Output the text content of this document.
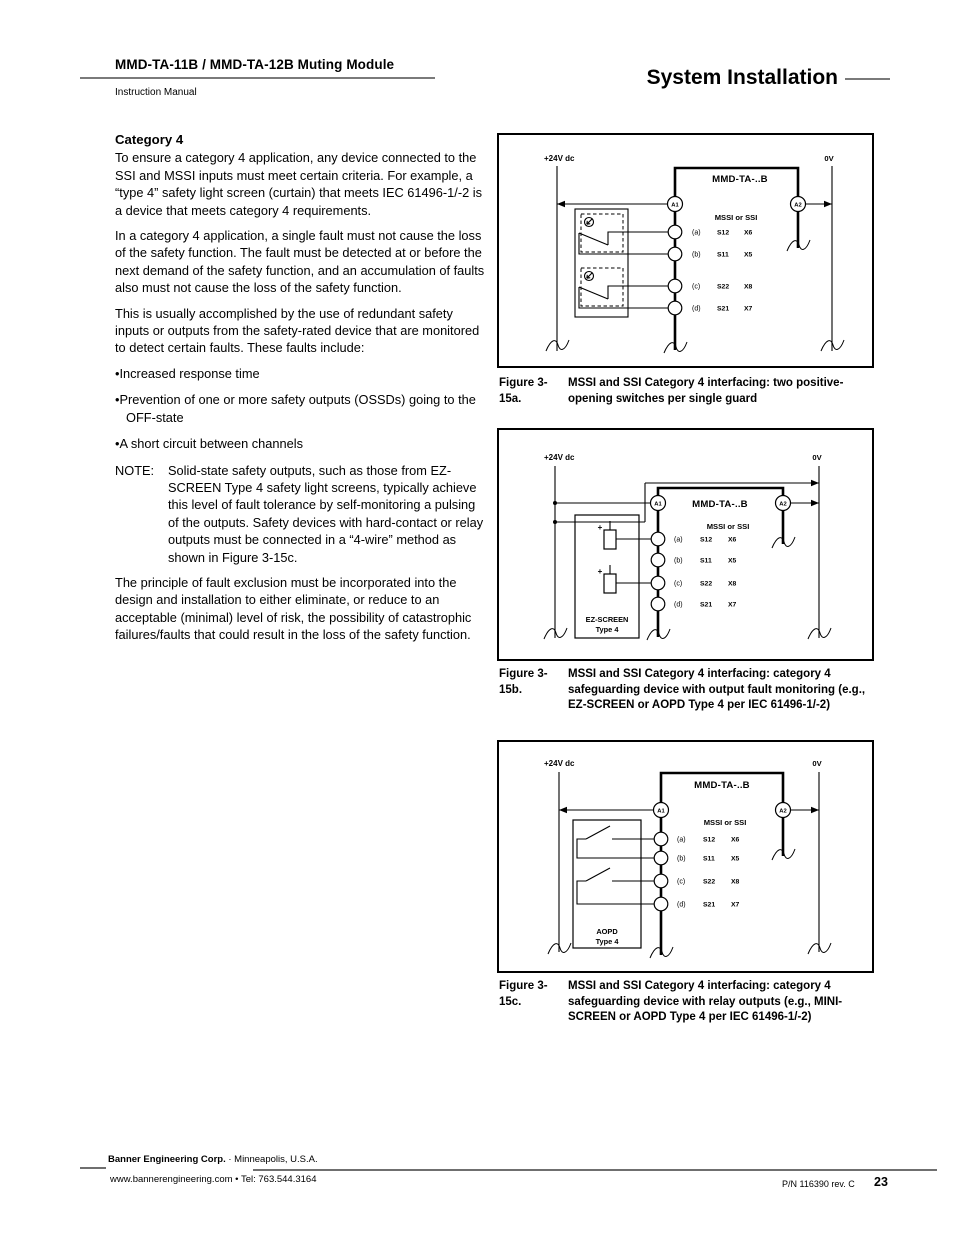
MMD-TA-11B / MMD-TA-12B Muting Module
Instruction Manual
System Installation
Category 4

To ensure a category 4 application, any device connected to the SSI and MSSI inputs must meet certain criteria. For example, a “type 4” safety light screen (curtain) that meets IEC 61496-1/-2 is a device that meets category 4 requirements.

In a category 4 application, a single fault must not cause the loss of the safety function. The fault must be detected at or before the next demand of the safety function, and an accumulation of faults also must not cause the loss of the safety function.

This is usually accomplished by the use of redundant safety inputs or outputs from the safety-rated device that are monitored to detect certain faults. These faults include:

• Increased response time
• Prevention of one or more safety outputs (OSSDs) going to the OFF-state
• A short circuit between channels
NOTE:	Solid-state safety outputs, such as those from EZ-SCREEN Type 4 safety light screens, typically achieve this level of fault tolerance by self-monitoring a pulsing of the outputs. Safety devices with hard-contact or relay outputs must be connected in a “4-wire” method as shown in Figure 3-15c.

The principle of fault exclusion must be incorporated into the design and installation to either eliminate, or reduce to an acceptable (minimal) level of risk, the possibility of catastrophic failures/faults that could result in the loss of the safety function.

+24V dc	0V
MMD-TA-..B
A1	A2
MSSI or SSI
(a) S12 X6
(b) S11 X5
(c) S22 X8
(d) S21 X7
Figure 3-15a.
MSSI and SSI Category 4 interfacing: two positive-opening switches per single guard
+24V dc	0V
EZ-SCREEN
Type 4
+
+
A1	A2
MMD-TA-..B
MSSI or SSI
(a)	S12 X6
(b)	S11 X5
(c)	S22 X8
(d)	S21 X7
Figure 3-15b.
MSSI and SSI Category 4 interfacing: category 4 safeguarding device with output fault monitoring (e.g., EZ-SCREEN or AOPD Type 4 per IEC 61496-1/-2)
+24V dc	0V
MMD-TA-..B
AOPD
Type 4
A1	A2
MSSI or SSI
(a)	S12 X6
(b)	S11 X5
(c)	S22 X8
(d)	S21 X7
Figure 3-15c.
MSSI and SSI Category 4 interfacing: category 4 safeguarding device with relay outputs (e.g., MINI-SCREEN or AOPD Type 4 per IEC 61496-1/-2)
Banner Engineering Corp. · Minneapolis, U.S.A.
www.bannerengineering.com • Tel: 763.544.3164	P/N 116390 rev. C 23
